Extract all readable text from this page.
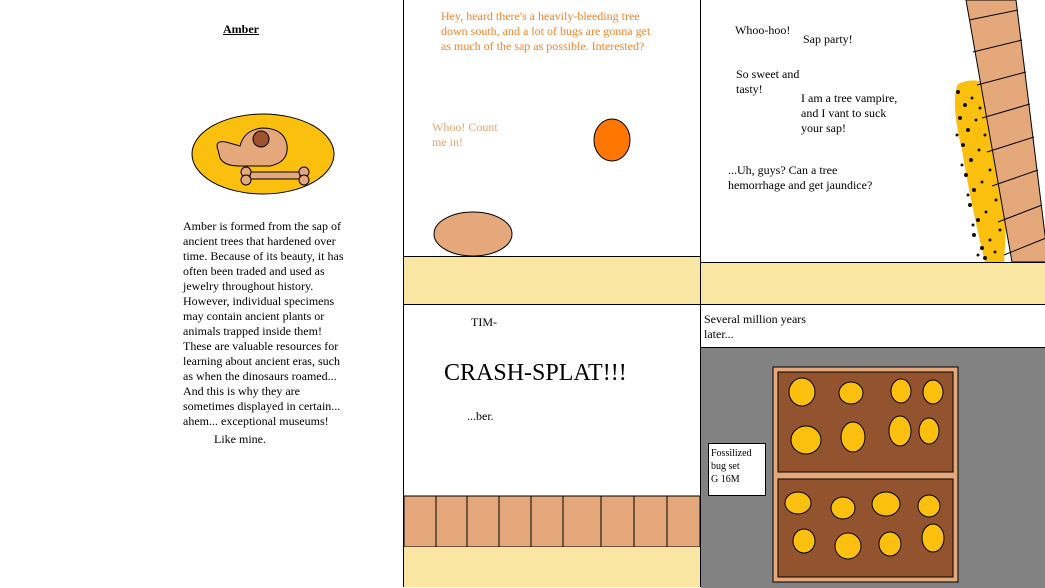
Amber
Amber is formed from the sap of
ancient trees that hardened over
time. Because of its beauty, it has
often been traded and used as
jewelry throughout history.
However, individual specimens
may contain ancient plants or
animals trapped inside them!
These are valuable resources for
learning about ancient eras, such
as when the dinosaurs roamed...
And this is why they are
sometimes displayed in certain...
ahem... exceptional museums!
Like mine.
Hey, heard there's a heavily-bleeding tree
down south, and a lot of bugs are gonna get
as much of the sap as possible. Interested?
Whoo! Count
me in!
Whoo-hoo!
Sap party!
So sweet and
tasty!
I am a tree vampire,
and I vant to suck
your sap!
...Uh, guys? Can a tree
hemorrhage and get jaundice?
TIM-
CRASH-SPLAT!!!
...ber.
Several million years
later...
Fossilized
bug set
G 16M
